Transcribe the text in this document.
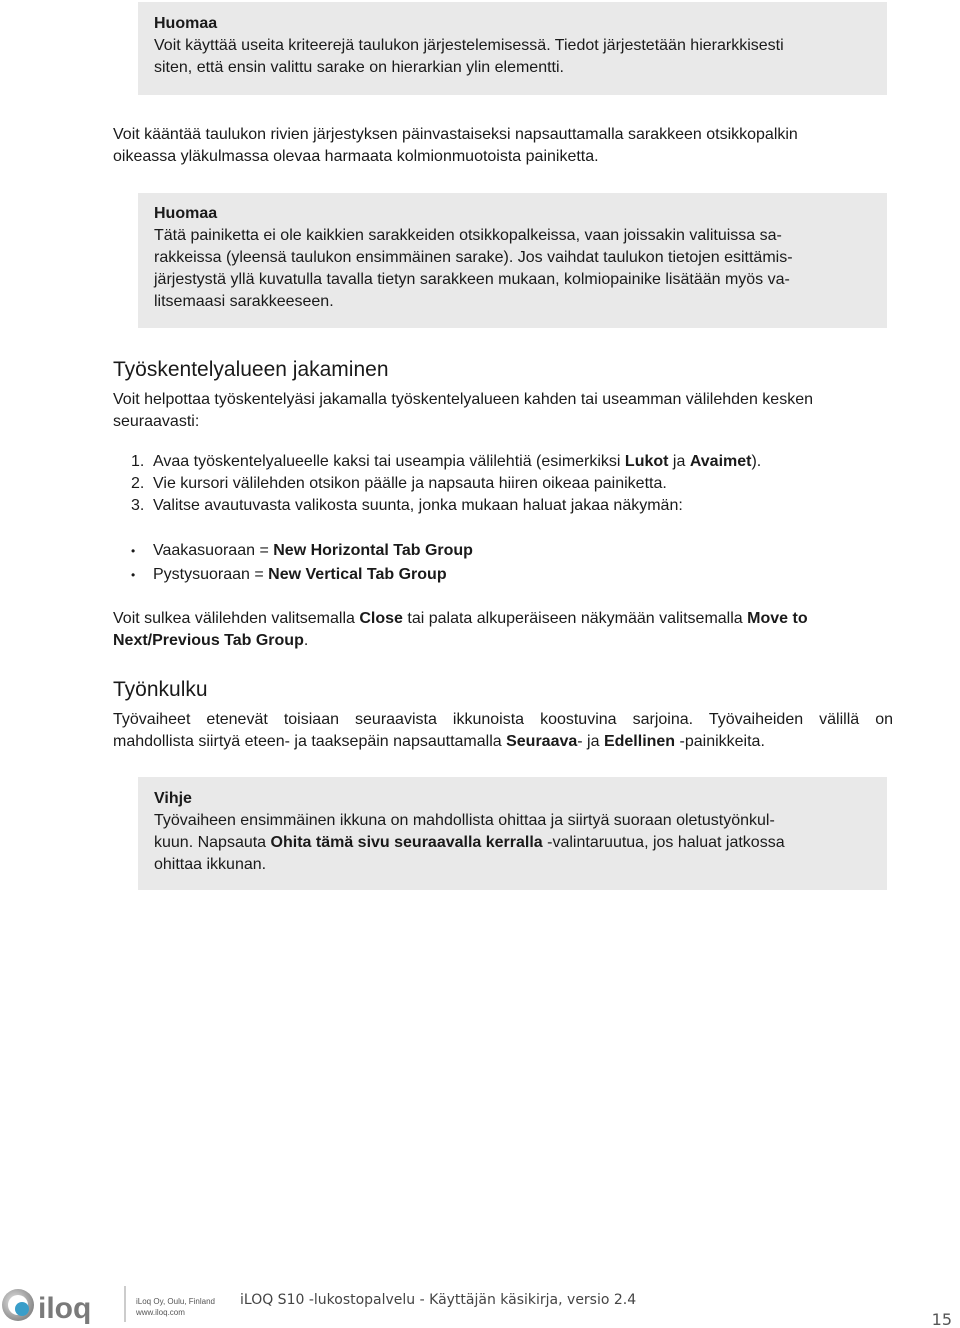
Huomaa

Voit käyttää useita kriteerejä taulukon järjestelemisessä. Tiedot järjestetään hierarkkisesti

siten, että ensin valittu sarake on hierarkian ylin elementti.

Voit kääntää taulukon rivien järjestyksen päinvastaiseksi napsauttamalla sarakkeen otsikkopalkin

oikeassa yläkulmassa olevaa harmaata kolmionmuotoista painiketta.

Huomaa

Tätä painiketta ei ole kaikkien sarakkeiden otsikkopalkeissa, vaan joissakin valituissa sa-

rakkeissa (yleensä taulukon ensimmäinen sarake). Jos vaihdat taulukon tietojen esittämis-

järjestystä yllä kuvatulla tavalla tietyn sarakkeen mukaan, kolmiopainike lisätään myös va-

litsemaasi sarakkeeseen.

Työskentelyalueen jakaminen

Voit helpottaa työskentelyäsi jakamalla työskentelyalueen kahden tai useamman välilehden kesken

seuraavasti:

1. Avaa työskentelyalueelle kaksi tai useampia välilehtiä (esimerkiksi Lukot ja Avaimet).
2. Vie kursori välilehden otsikon päälle ja napsauta hiiren oikeaa painiketta.
3. Valitse avautuvasta valikosta suunta, jonka mukaan haluat jakaa näkymän:
•	Vaakasuoraan = New Horizontal Tab Group
•	Pystysuoraan = New Vertical Tab Group

Voit sulkea välilehden valitsemalla Close tai palata alkuperäiseen näkymään valitsemalla Move to

Next/Previous Tab Group.

Työnkulku

Työvaiheet etenevät toisiaan seuraavista ikkunoista koostuvina sarjoina. Työvaiheiden välillä on

mahdollista siirtyä eteen- ja taaksepäin napsauttamalla Seuraava- ja Edellinen -painikkeita.

Vihje

Työvaiheen ensimmäinen ikkuna on mahdollista ohittaa ja siirtyä suoraan oletustyönkul-

kuun. Napsauta Ohita tämä sivu seuraavalla kerralla -valintaruutua, jos haluat jatkossa

ohittaa ikkunan.

iloq	iLoq Oy, Oulu, Finland
www.iloq.com
iLOQ S10 -lukostopalvelu - Käyttäjän käsikirja, versio 2.4
15
